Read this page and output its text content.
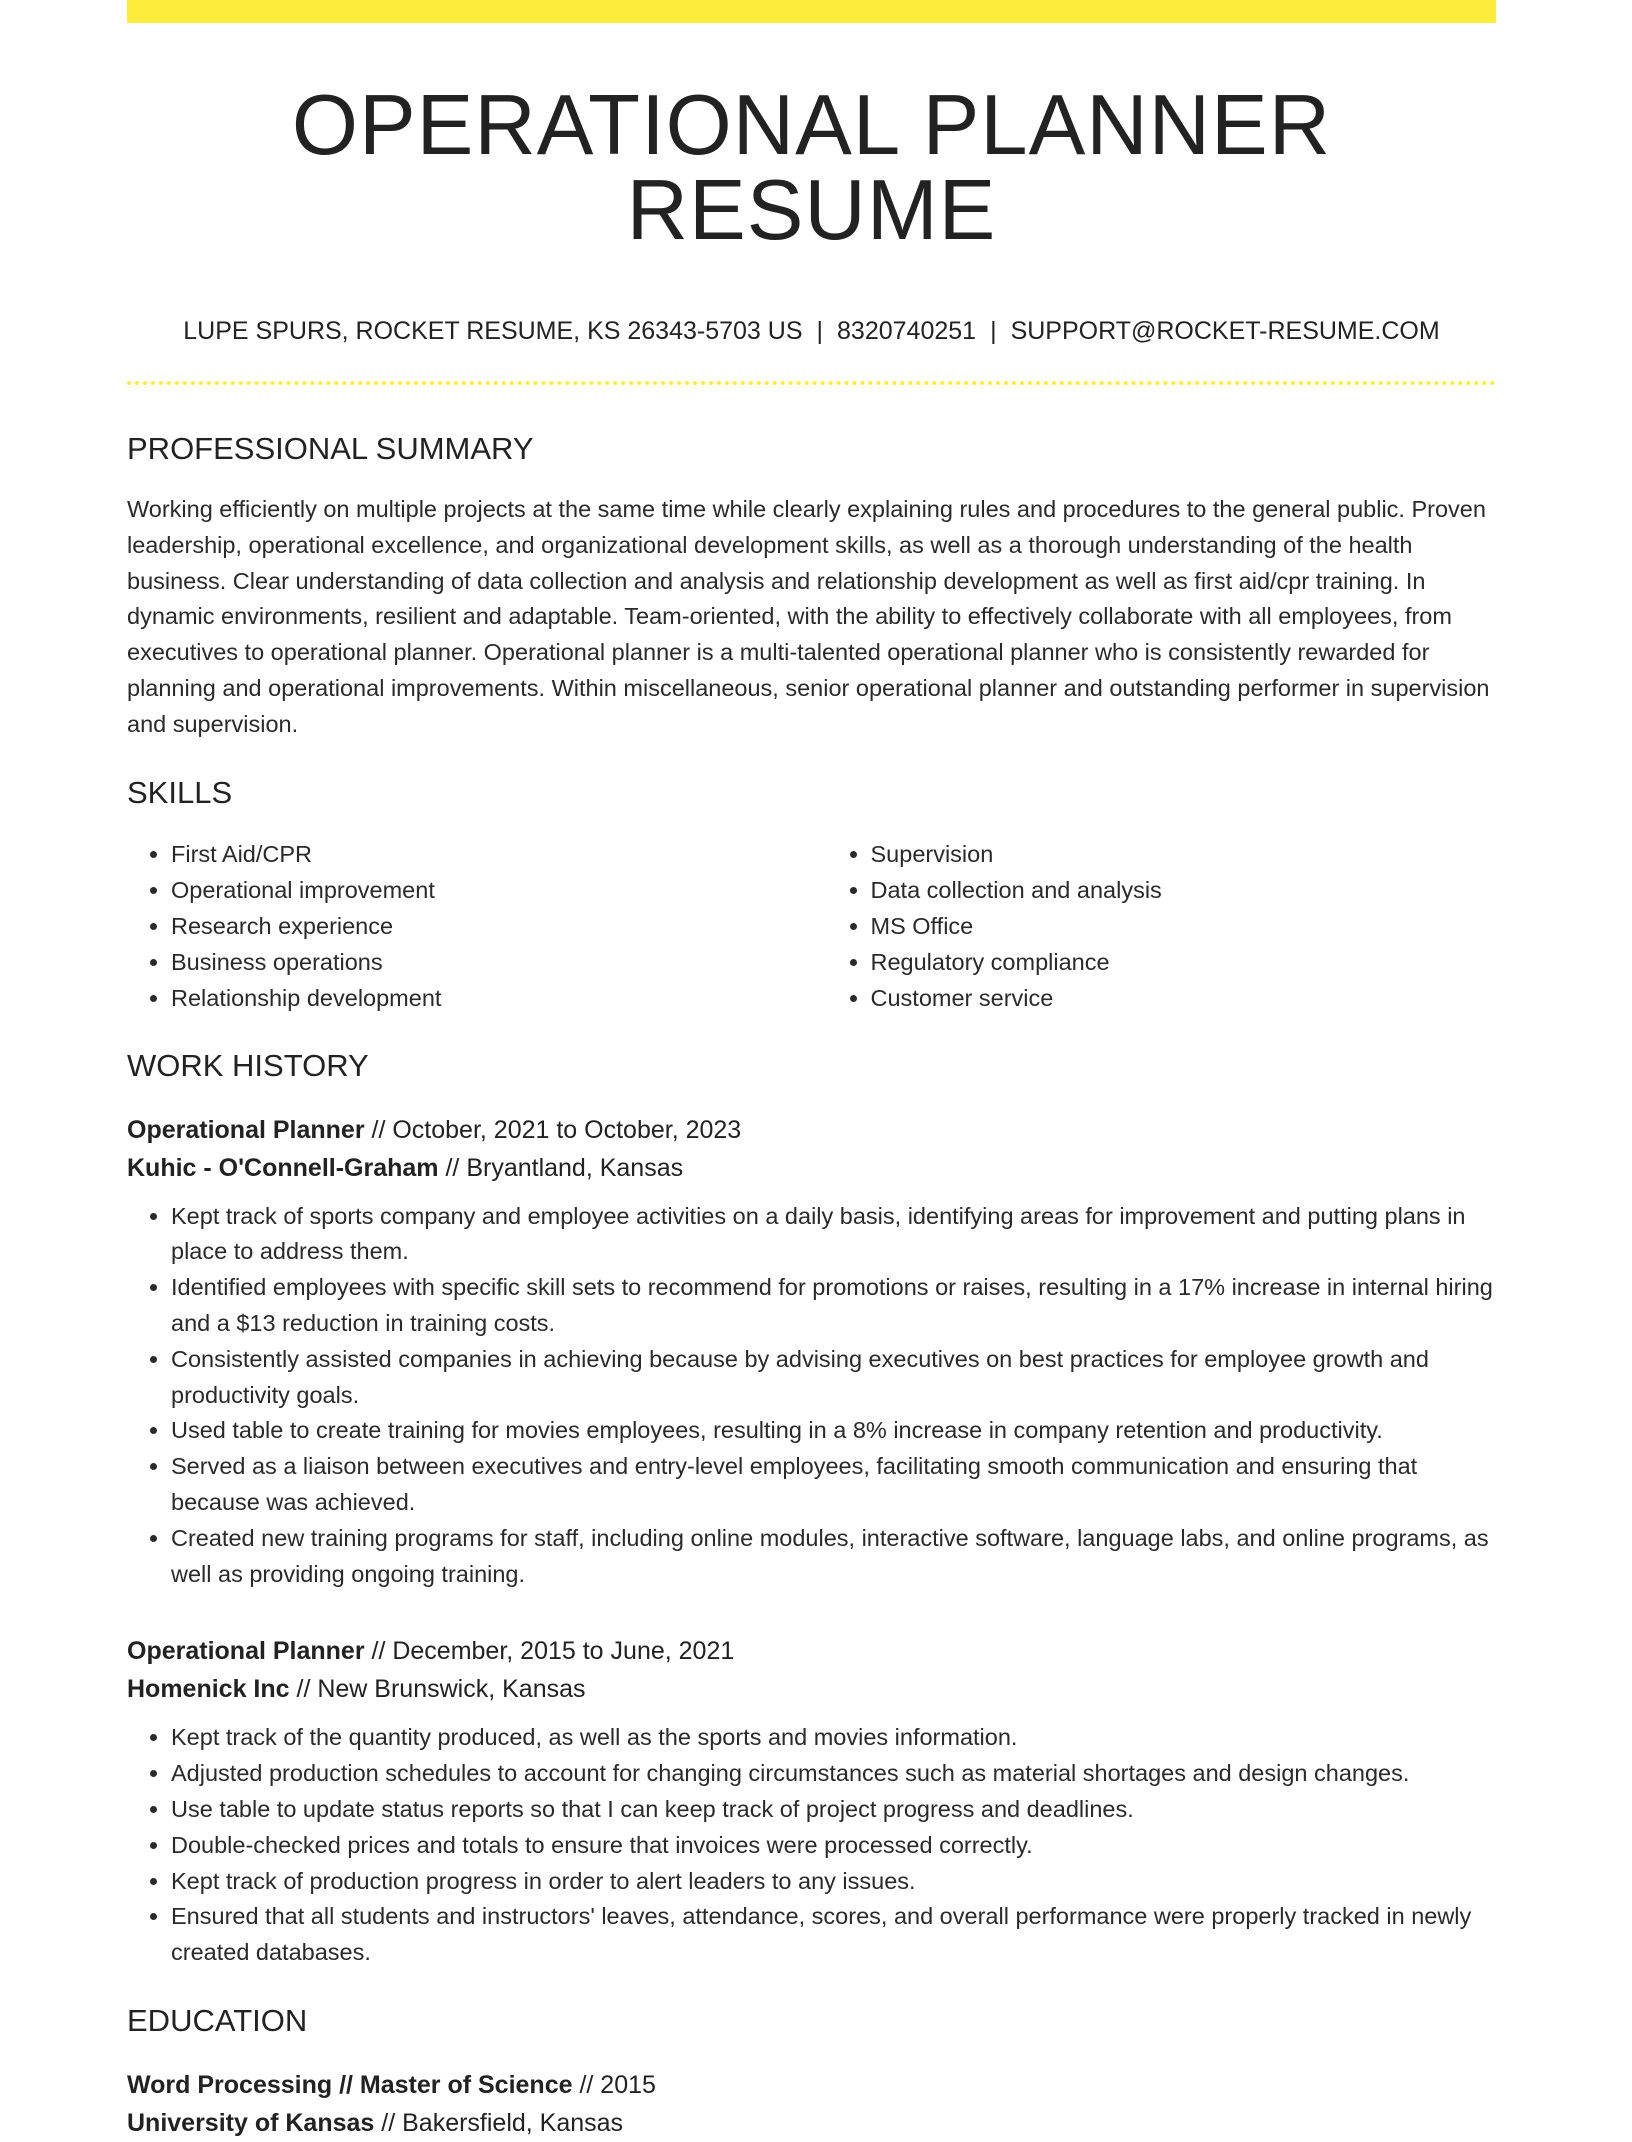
OPERATIONAL PLANNER RESUME
LUPE SPURS, ROCKET RESUME, KS 26343-5703 US | 8320740251 | SUPPORT@ROCKET-RESUME.COM
PROFESSIONAL SUMMARY

Working efficiently on multiple projects at the same time while clearly explaining rules and procedures to the general public. Proven leadership, operational excellence, and organizational development skills, as well as a thorough understanding of the health business. Clear understanding of data collection and analysis and relationship development as well as first aid/cpr training. In dynamic environments, resilient and adaptable. Team-oriented, with the ability to effectively collaborate with all employees, from executives to operational planner. Operational planner is a multi-talented operational planner who is consistently rewarded for planning and operational improvements. Within miscellaneous, senior operational planner and outstanding performer in supervision and supervision.

SKILLS
• First Aid/CPR
• Operational improvement
• Research experience
• Business operations
• Relationship development
• Supervision
• Data collection and analysis
• MS Office
• Regulatory compliance
• Customer service
WORK HISTORY
Operational Planner // October, 2021 to October, 2023
Kuhic - O'Connell-Graham // Bryantland, Kansas
• Kept track of sports company and employee activities on a daily basis, identifying areas for improvement and putting plans in place to address them.
• Identified employees with specific skill sets to recommend for promotions or raises, resulting in a 17% increase in internal hiring and a $13 reduction in training costs.
• Consistently assisted companies in achieving because by advising executives on best practices for employee growth and productivity goals.
• Used table to create training for movies employees, resulting in a 8% increase in company retention and productivity.
• Served as a liaison between executives and entry-level employees, facilitating smooth communication and ensuring that because was achieved.
• Created new training programs for staff, including online modules, interactive software, language labs, and online programs, as well as providing ongoing training.
Operational Planner // December, 2015 to June, 2021
Homenick Inc // New Brunswick, Kansas
• Kept track of the quantity produced, as well as the sports and movies information.
• Adjusted production schedules to account for changing circumstances such as material shortages and design changes.
• Use table to update status reports so that I can keep track of project progress and deadlines.
• Double-checked prices and totals to ensure that invoices were processed correctly.
• Kept track of production progress in order to alert leaders to any issues.
• Ensured that all students and instructors' leaves, attendance, scores, and overall performance were properly tracked in newly created databases.
EDUCATION
Word Processing // Master of Science // 2015
University of Kansas // Bakersfield, Kansas
